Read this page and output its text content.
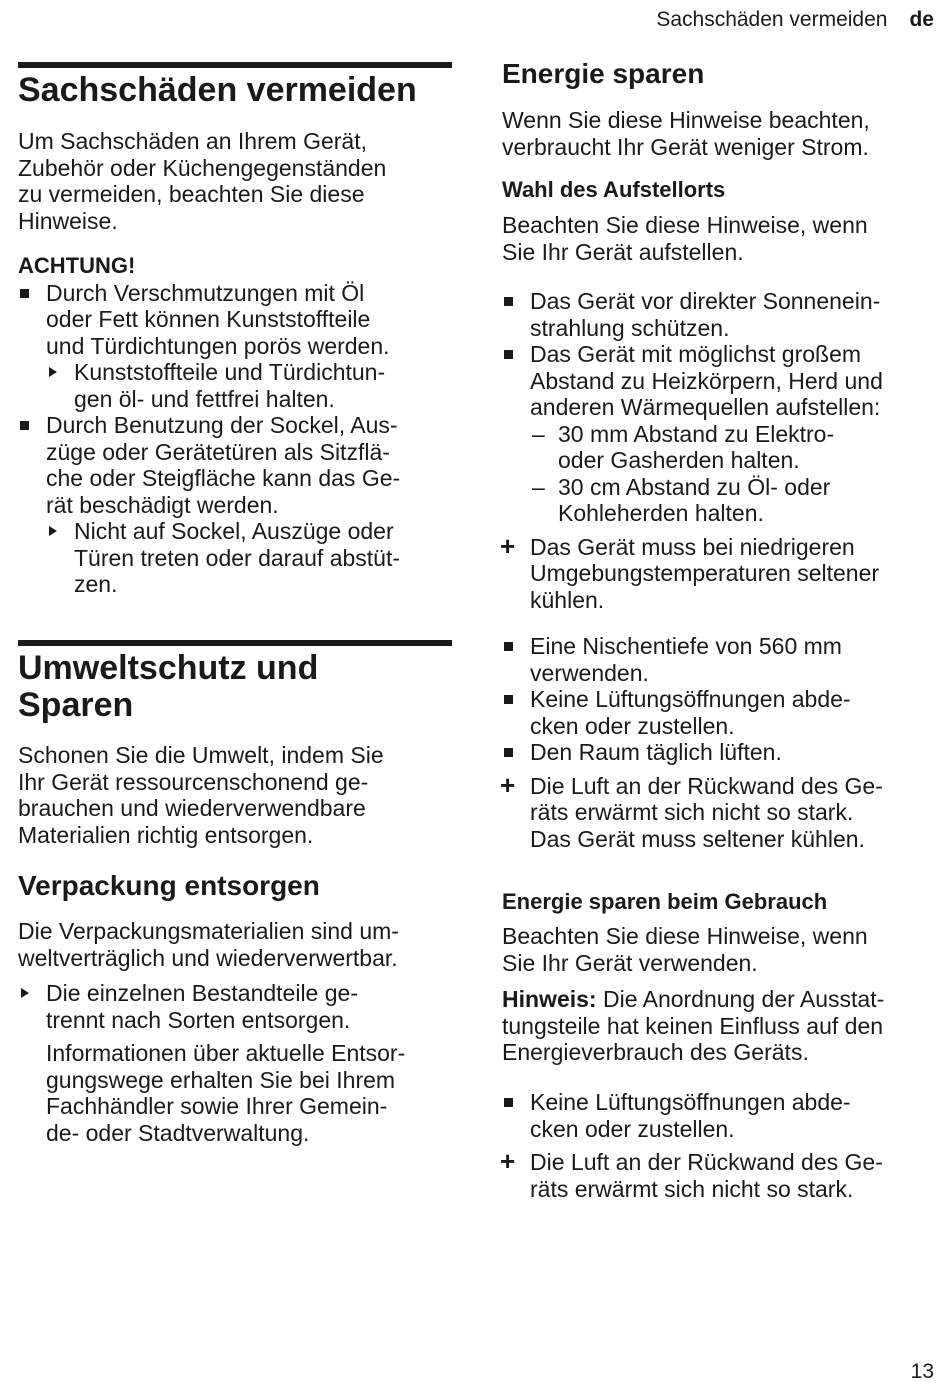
Sachschäden vermeiden de
Sachschäden vermeiden

Um Sachschäden an Ihrem Gerät,

Zubehör oder Küchengegenständen

zu vermeiden, beachten Sie diese

Hinweise.

ACHTUNG!

Durch Verschmutzungen mit Öl
oder Fett können Kunststoffteile
und Türdichtungen porös werden.
Kunststoffteile und Türdichtun-
gen öl- und fettfrei halten.
Durch Benutzung der Sockel, Aus-
züge oder Gerätetüren als Sitzflä-
che oder Steigfläche kann das Ge-
rät beschädigt werden.
Nicht auf Sockel, Auszüge oder
Türen treten oder darauf abstüt-
zen.
Umweltschutz und
Sparen

Schonen Sie die Umwelt, indem Sie

Ihr Gerät ressourcenschonend ge-

brauchen und wiederverwendbare

Materialien richtig entsorgen.

Verpackung entsorgen

Die Verpackungsmaterialien sind um-

weltverträglich und wiederverwertbar.

Die einzelnen Bestandteile ge-
trennt nach Sorten entsorgen.

Informationen über aktuelle Entsor-

gungswege erhalten Sie bei Ihrem

Fachhändler sowie Ihrer Gemein-

de- oder Stadtverwaltung.

Energie sparen

Wenn Sie diese Hinweise beachten,

verbraucht Ihr Gerät weniger Strom.

Wahl des Aufstellorts

Beachten Sie diese Hinweise, wenn

Sie Ihr Gerät aufstellen.

Das Gerät vor direkter Sonnenein-
strahlung schützen.
Das Gerät mit möglichst großem
Abstand zu Heizkörpern, Herd und
anderen Wärmequellen aufstellen:
– 30 mm Abstand zu Elektro-
oder Gasherden halten.
– 30 cm Abstand zu Öl- oder
Kohleherden halten.
+ Das Gerät muss bei niedrigeren
Umgebungstemperaturen seltener
kühlen.
Eine Nischentiefe von 560 mm
verwenden.
Keine Lüftungsöffnungen abde-
cken oder zustellen.
Den Raum täglich lüften.
+ Die Luft an der Rückwand des Ge-
räts erwärmt sich nicht so stark.
Das Gerät muss seltener kühlen.
Energie sparen beim Gebrauch

Beachten Sie diese Hinweise, wenn

Sie Ihr Gerät verwenden.

Hinweis: Die Anordnung der Ausstat-

tungsteile hat keinen Einfluss auf den

Energieverbrauch des Geräts.

Keine Lüftungsöffnungen abde-
cken oder zustellen.
+ Die Luft an der Rückwand des Ge-
räts erwärmt sich nicht so stark.
13
